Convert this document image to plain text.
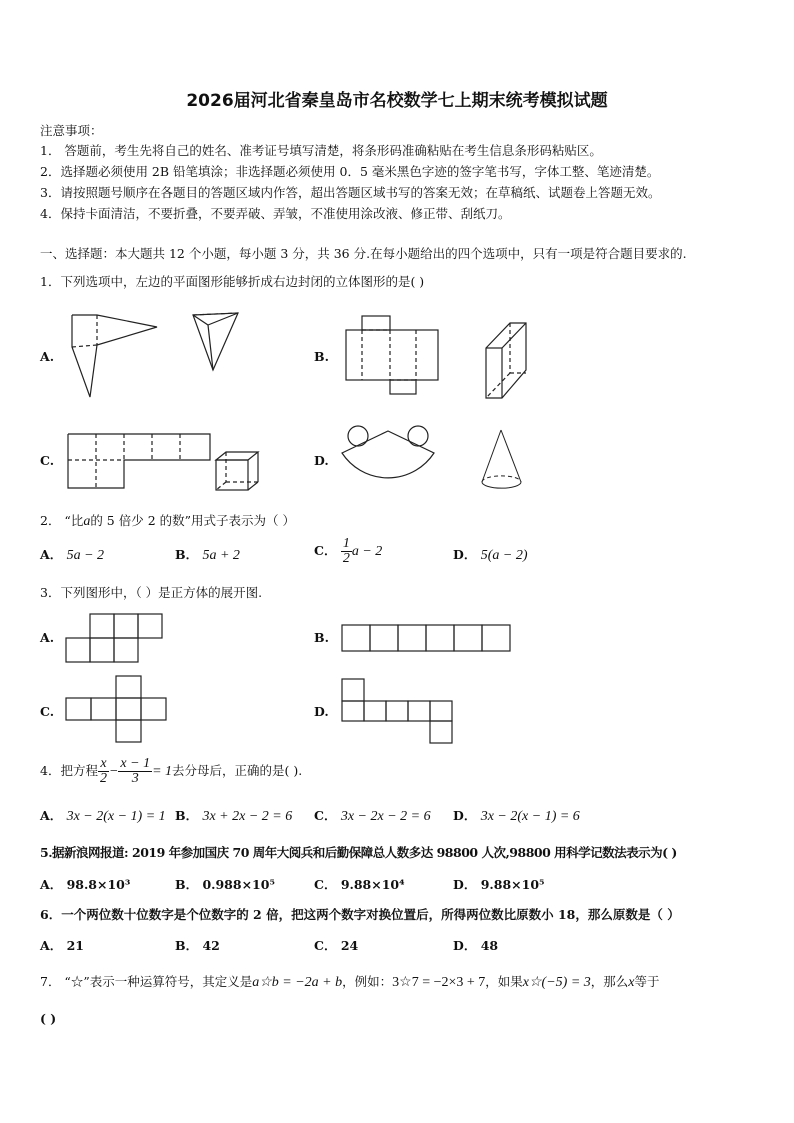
2026届河北省秦皇岛市名校数学七上期末统考模拟试题
注意事项：
1． 答题前，考生先将自己的姓名、准考证号填写清楚，将条形码准确粘贴在考生信息条形码粘贴区。
2．选择题必须使用 2B 铅笔填涂；非选择题必须使用 0．5 毫米黑色字迹的签字笔书写，字体工整、笔迹清楚。
3．请按照题号顺序在各题目的答题区域内作答，超出答题区域书写的答案无效；在草稿纸、试题卷上答题无效。
4．保持卡面清洁，不要折叠，不要弄破、弄皱，不准使用涂改液、修正带、刮纸刀。
一、选择题：本大题共 12 个小题，每小题 3 分，共 36 分.在每小题给出的四个选项中，只有一项是符合题目要求的.
1．下列选项中，左边的平面图形能够折成右边封闭的立体图形的是( )
A.	B.
C.	D.
2． “比a的 5 倍少 2 的数”用式子表示为（ ）
A． 5a − 2	B． 5a + 2	C． $\frac{1}{2}$ a − 2	D． 5(a − 2)
3．下列图形中，（ ）是正方体的展开图.
A.	B.
C.	D.
4．把方程 $\frac{x}{2} - \frac{x - 1}{3} = 1$去分母后，正确的是( ).
A． 3x − 2(x − 1) = 1 B． 3x + 2x − 2 = 6 C． 3x − 2x − 2 = 6 D． 3x − 2(x − 1) = 6
5.据新浪网报道: 2019 年参加国庆 70 周年大阅兵和后勤保障总人数多达 98800 人次,98800 用科学记数法表示为( )
A． 98.8×10³	B． 0.988×10⁵	C． 9.88×10⁴	D． 9.88×10⁵
6．一个两位数十位数字是个位数字的 2 倍，把这两个数字对换位置后，所得两位数比原数小 18，那么原数是（ ）
A． 21	B． 42	C． 24	D． 48
7． “☆”表示一种运算符号，其定义是a☆b = −2a + b，例如：3☆7 = −2×3 + 7，如果x☆(−5) = 3，那么x等于
( )
